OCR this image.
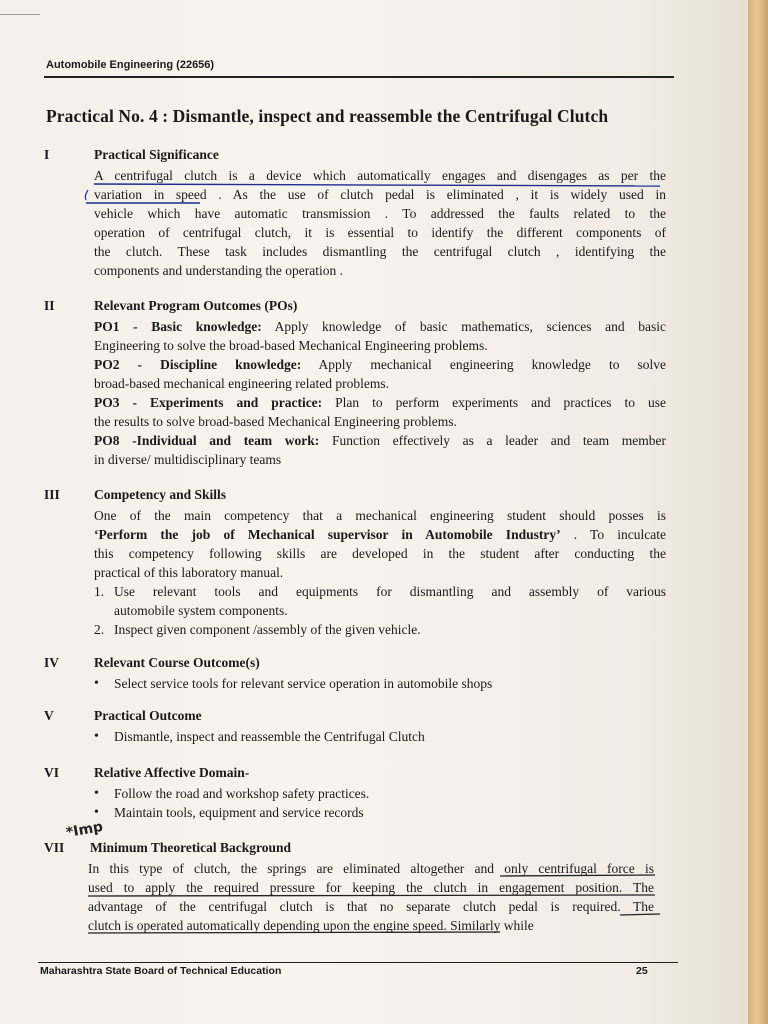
Automobile Engineering (22656)
Practical No. 4 : Dismantle, inspect and reassemble the Centrifugal Clutch
I	Practical Significance
A centrifugal clutch is a device which automatically engages and disengages as per the
variation in speed . As the use of clutch pedal is eliminated , it is widely used in
vehicle which have automatic transmission . To addressed the faults related to the
operation of centrifugal clutch, it is essential to identify the different components of
the clutch. These task includes dismantling the centrifugal clutch , identifying the
components and understanding the operation .
II	Relevant Program Outcomes (POs)
PO1 - Basic knowledge: Apply knowledge of basic mathematics, sciences and basic
Engineering to solve the broad-based Mechanical Engineering problems.
PO2 - Discipline knowledge: Apply mechanical engineering knowledge to solve
broad-based mechanical engineering related problems.
PO3 - Experiments and practice: Plan to perform experiments and practices to use
the results to solve broad-based Mechanical Engineering problems.
PO8 -Individual and team work: Function effectively as a leader and team member
in diverse/ multidisciplinary teams
III	Competency and Skills
One of the main competency that a mechanical engineering student should posses is
‘Perform the job of Mechanical supervisor in Automobile Industry’ . To inculcate
this competency following skills are developed in the student after conducting the
practical of this laboratory manual.
1. Use relevant tools and equipments for dismantling and assembly of various
automobile system components.
2. Inspect given component /assembly of the given vehicle.
IV	Relevant Course Outcome(s)
• Select service tools for relevant service operation in automobile shops
V	Practical Outcome
• Dismantle, inspect and reassemble the Centrifugal Clutch
VI	Relative Affective Domain-
• Follow the road and workshop safety practices.
• Maintain tools, equipment and service records
*Imp
VII Minimum Theoretical Background
In this type of clutch, the springs are eliminated altogether and only centrifugal force is
used to apply the required pressure for keeping the clutch in engagement position. The
advantage of the centrifugal clutch is that no separate clutch pedal is required. The
clutch is operated automatically depending upon the engine speed. Similarly while
Maharashtra State Board of Technical Education	25
